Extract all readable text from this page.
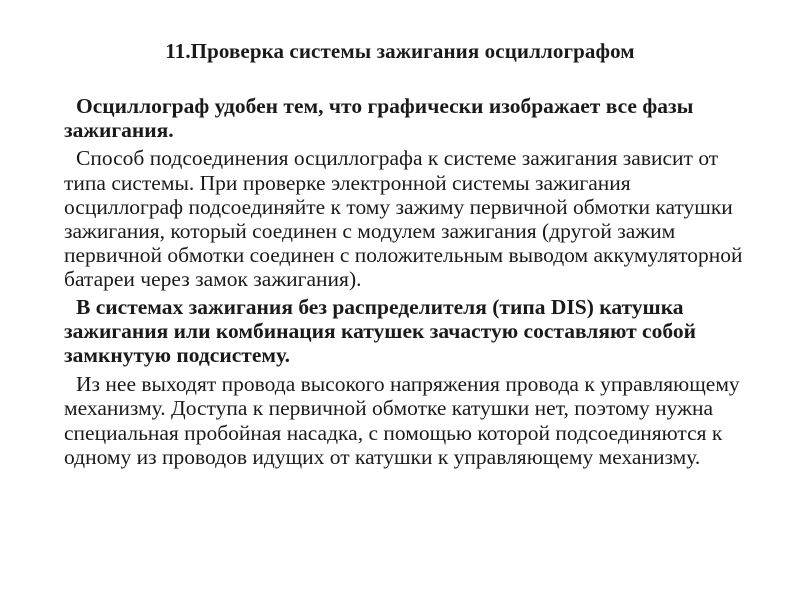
11.Проверка системы зажигания осциллографом

Осциллограф удобен тем, что графически изображает все фазы зажигания.

Способ подсоединения осциллографа к системе зажигания зависит от типа системы. При проверке электронной системы зажигания осциллограф подсоединяйте к тому зажиму первичной обмотки катушки зажигания, который соединен с модулем зажигания (другой зажим первичной обмотки соединен с положительным выводом аккумуляторной батареи через замок зажигания).

В системах зажигания без распределителя (типа DIS) катушка зажигания или комбинация катушек зачастую составляют собой замкнутую подсистему.

Из нее выходят провода высокого напряжения провода к управляющему механизму. Доступа к первичной обмотке катушки нет, поэтому нужна специальная пробойная насадка, с помощью которой подсоединяются к одному из проводов идущих от катушки к управляющему механизму.
